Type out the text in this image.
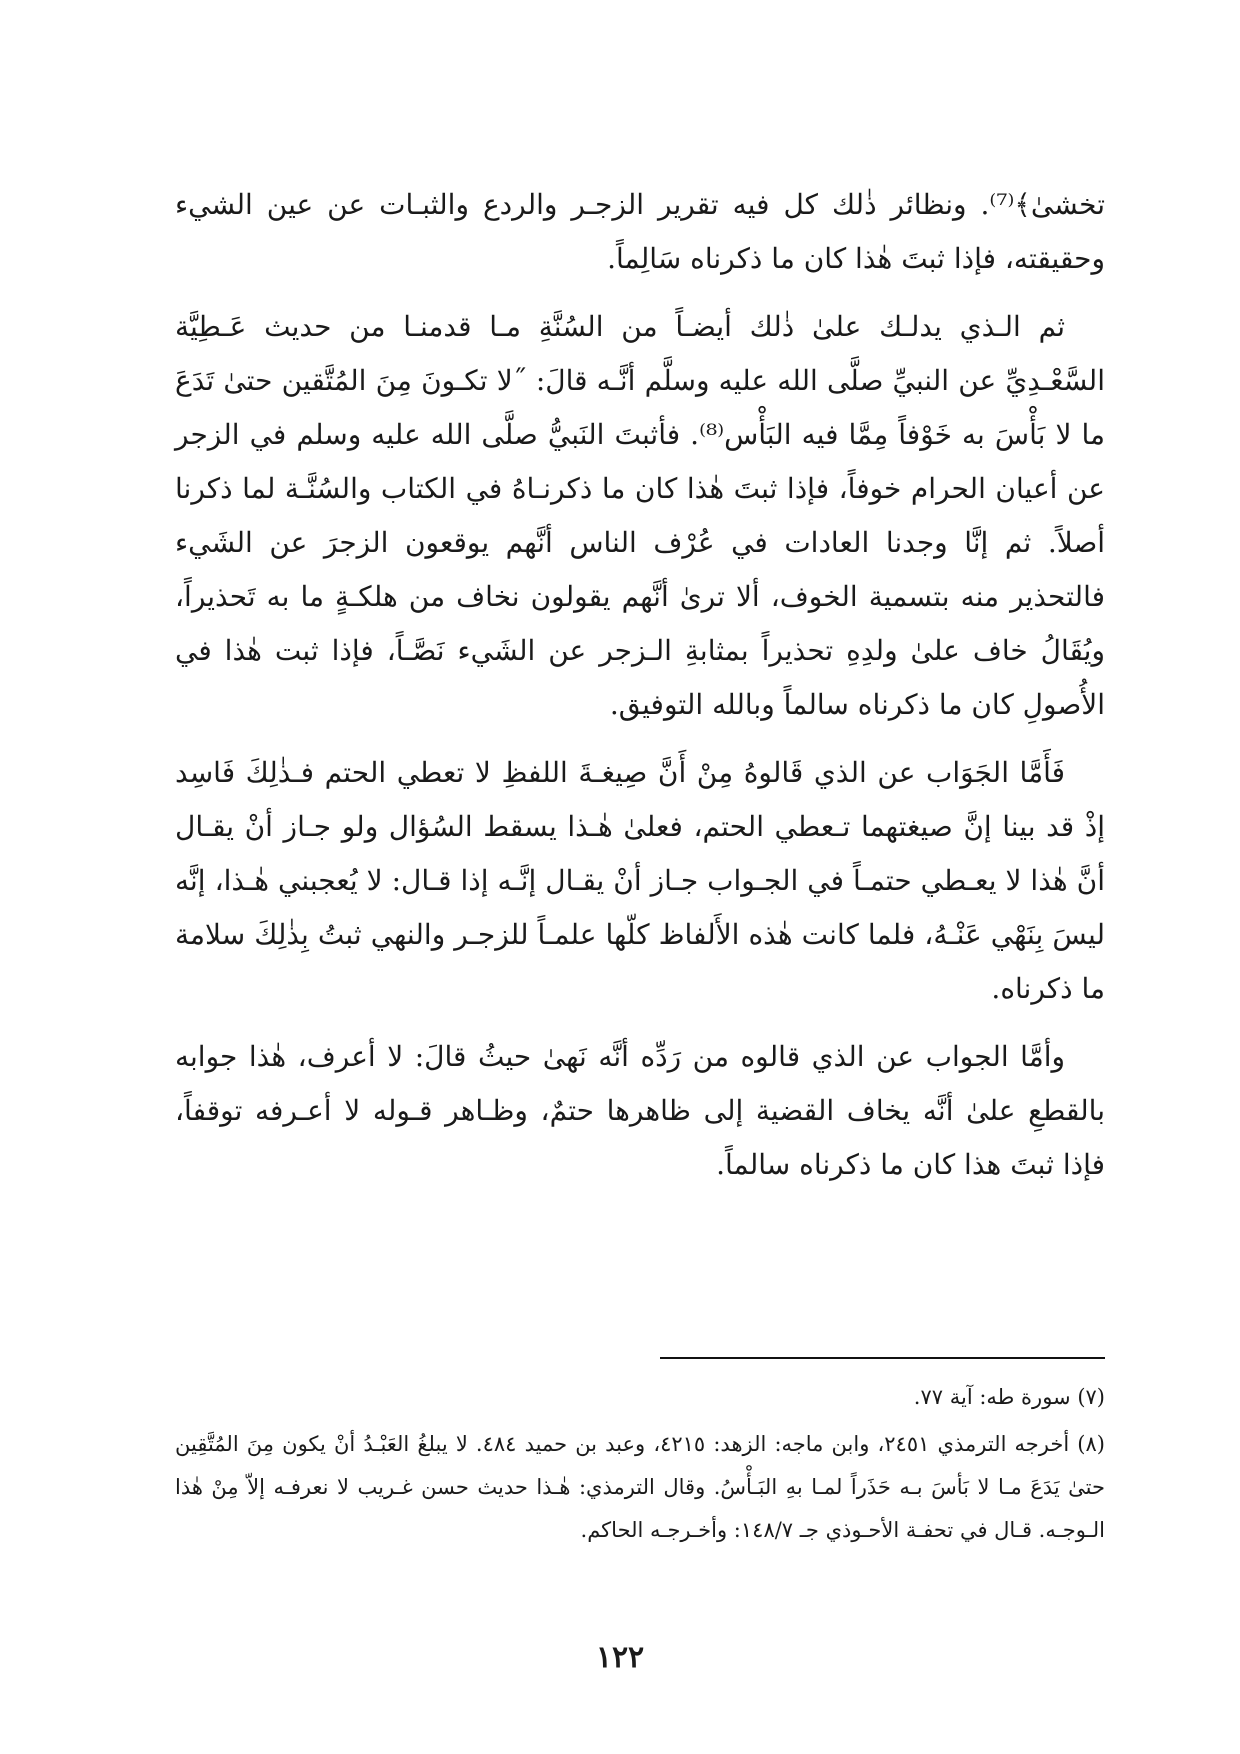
تخشىٰ﴾⁽⁷⁾. ونظائر ذٰلك كل فيه تقرير الزجـر والردع والثبـات عن عين الشيء وحقيقته، فإذا ثبتَ هٰذا كان ما ذكرناه سَالِماً.

ثم الـذي يدلـك علىٰ ذٰلك أيضـاً من السُنَّةِ مـا قدمنـا من حديث عَـطِيَّة السَّعْـدِيِّ عن النبيِّ صلَّى الله عليه وسلَّم أنَّـه قالَ: ˝لا تكـونَ مِنَ المُتَّقين حتىٰ تَدَعَ ما لا بَأْسَ به خَوْفاً مِمَّا فيه البَأْس⁽⁸⁾. فأثبتَ النَبيُّ صلَّى الله عليه وسلم في الزجر عن أعيان الحرام خوفاً، فإذا ثبتَ هٰذا كان ما ذكرنـاهُ في الكتاب والسُنَّـة لما ذكرنا أصلاً. ثم إنَّا وجدنا العادات في عُرْف الناس أنَّهم يوقعون الزجرَ عن الشَيء فالتحذير منه بتسمية الخوف، ألا ترىٰ أنَّهم يقولون نخاف من هلكـةٍ ما به تَحذيراً، ويُقَالُ خاف علىٰ ولدِهِ تحذيراً بمثابةِ الـزجر عن الشَيء نَصَّـاً، فإذا ثبت هٰذا في الأُصولِ كان ما ذكرناه سالماً وبالله التوفيق.

فَأَمَّا الجَوَاب عن الذي قَالوهُ مِنْ أَنَّ صِيغـةَ اللفظِ لا تعطي الحتم فـذٰلِكَ فَاسِد إذْ قد بينا إنَّ صيغتهما تـعطي الحتم، فعلىٰ هٰـذا يسقط السُؤال ولو جـاز أنْ يقـال أنَّ هٰذا لا يعـطي حتمـاً في الجـواب جـاز أنْ يقـال إنَّـه إذا قـال: لا يُعجبني هٰـذا، إنَّه ليسَ بِنَهْي عَنْـهُ، فلما كانت هٰذه الأَلفاظ كلّها علمـاً للزجـر والنهي ثبتُ بِذٰلِكَ سلامة ما ذكرناه.

وأمَّا الجواب عن الذي قالوه من رَدِّه أنَّه نَهىٰ حيثُ قالَ: لا أعرف، هٰذا جوابه بالقطعِ علىٰ أنَّه يخاف القضية إلى ظاهرها حتمٌ، وظـاهر قـوله لا أعـرفه توقفاً، فإذا ثبتَ هذا كان ما ذكرناه سالماً.

(٧) سورة طه: آية ٧٧.

(٨) أخرجه الترمذي ٢٤٥١، وابن ماجه: الزهد: ٤٢١٥، وعبد بن حميد ٤٨٤. لا يبلغُ العَبْـدُ أنْ يكون مِنَ المُتَّقِين حتىٰ يَدَعَ مـا لا بَأسَ بـه حَذَراً لمـا بهِ البَـأْسُ. وقال الترمذي: هٰـذا حديث حسن غـريب لا نعرفـه إلاّ مِنْ هٰذا الـوجـه. قـال في تحفـة الأحـوذي جـ ١٤٨/٧: وأخـرجـه الحاكم.

١٢٢
